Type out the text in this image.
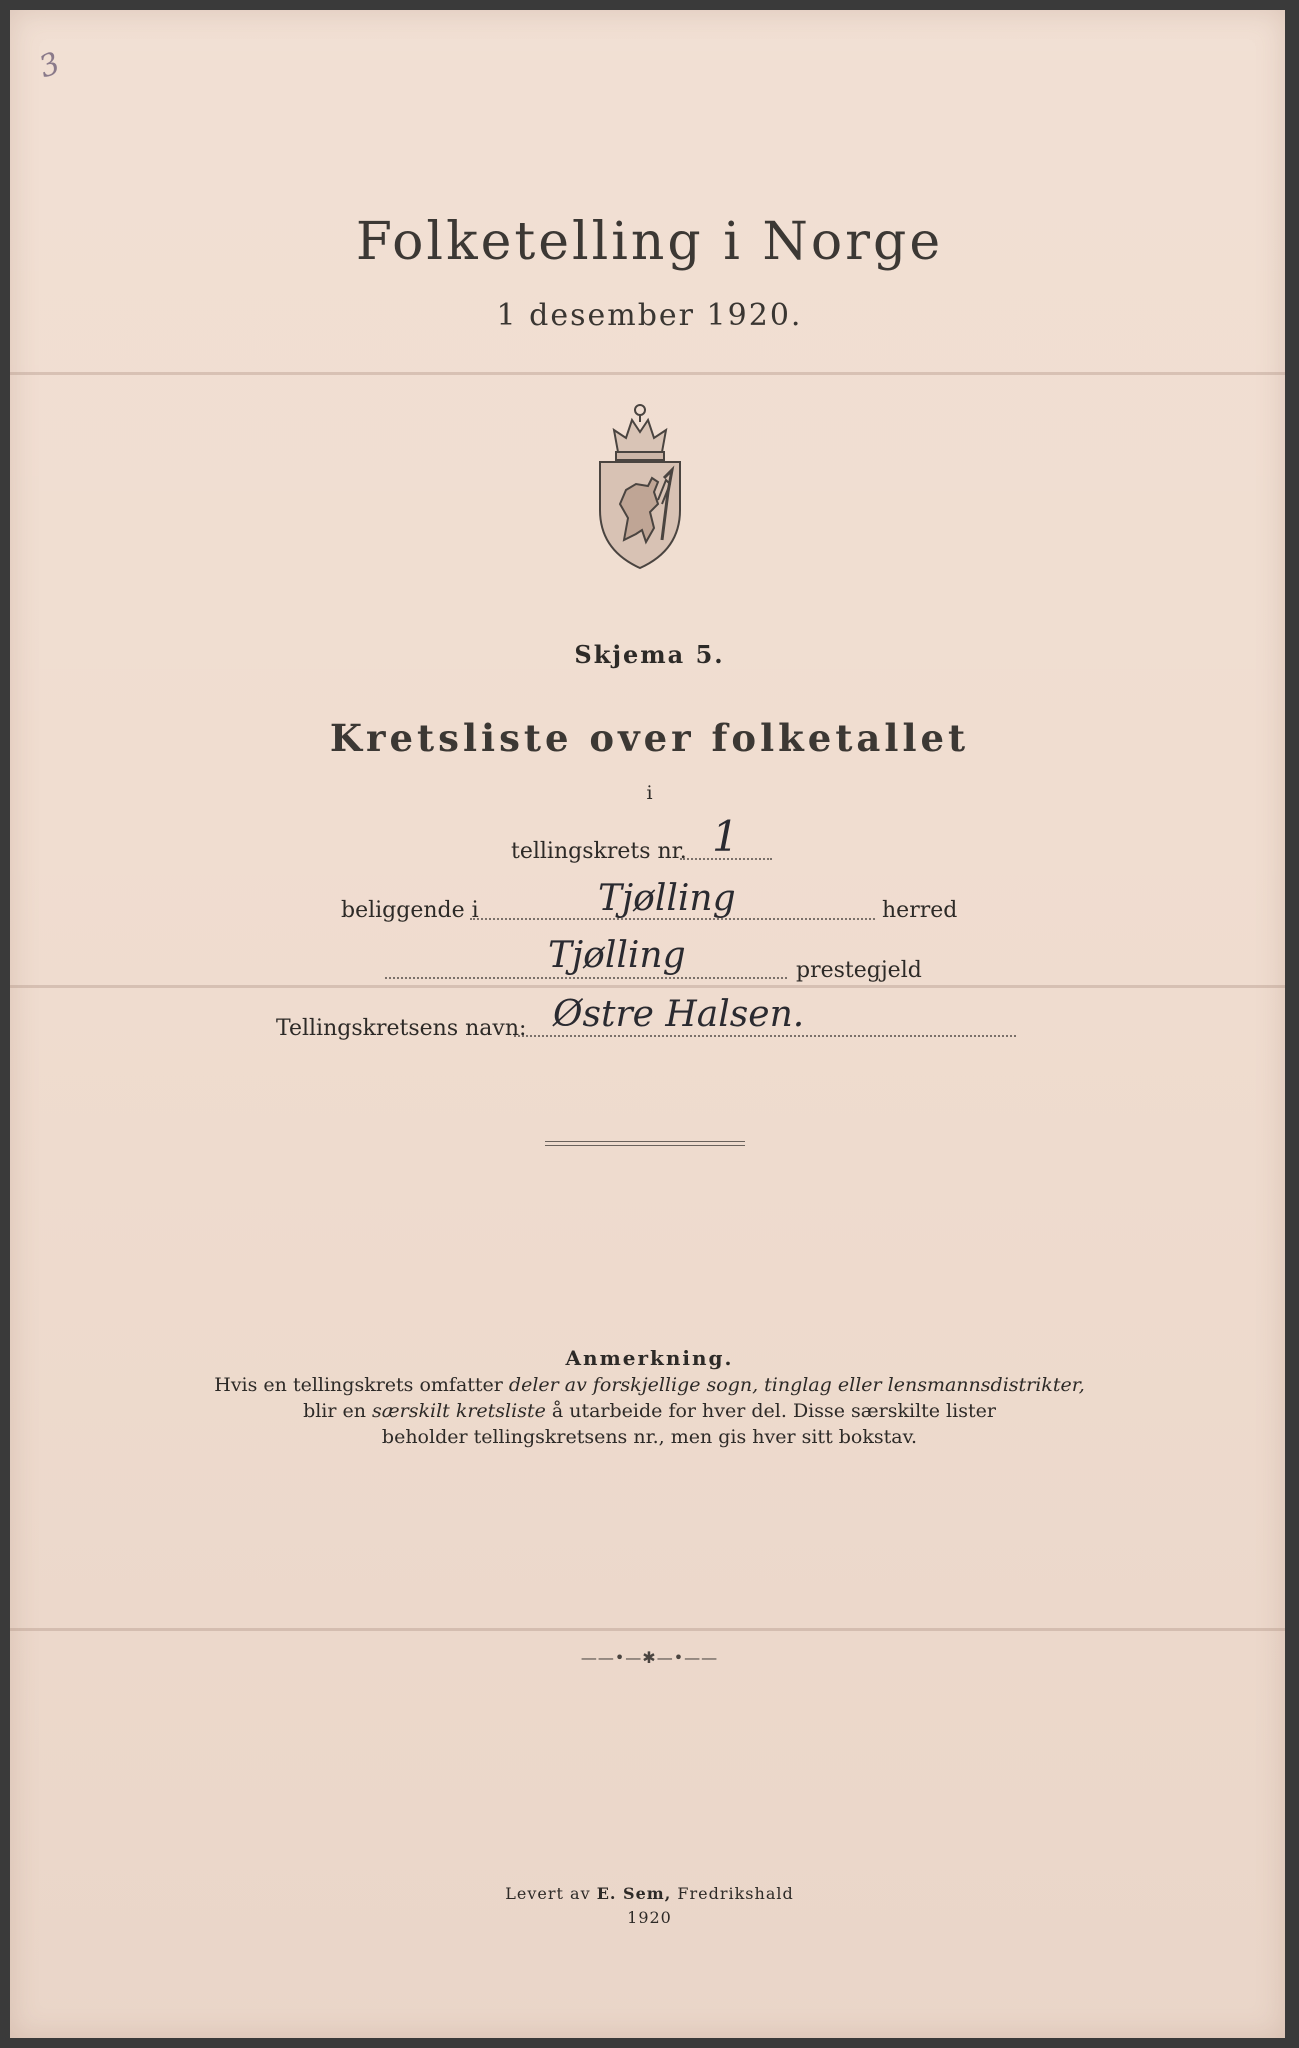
3
Folketelling i Norge
1 desember 1920.
Skjema 5.
Kretsliste over folketallet
i
tellingskrets nr. 1
beliggende i	Tjølling	herred
Tjølling	prestegjeld
Tellingskretsens navn: Østre Halsen.
Anmerkning.
Hvis en tellingskrets omfatter deler av forskjellige sogn, tinglag eller lensmannsdistrikter,
blir en særskilt kretsliste å utarbeide for hver del. Disse særskilte lister
beholder tellingskretsens nr., men gis hver sitt bokstav.
——•—✱—•——
Levert av E. Sem, Fredrikshald
1920
